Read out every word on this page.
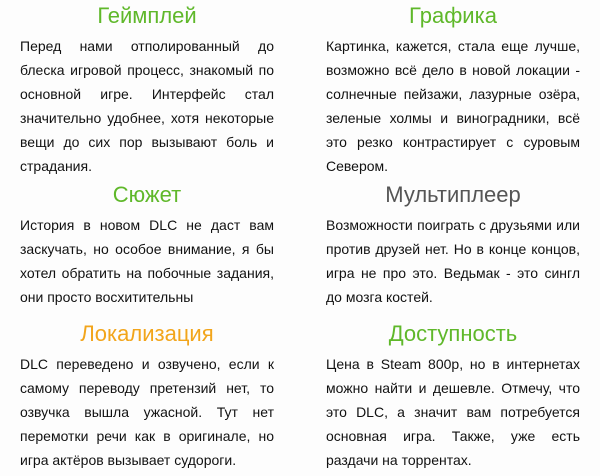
Геймплей

Перед нами отполированный до блеска игровой процесс, знакомый по основной игре. Интерфейс стал значительно удобнее, хотя некоторые вещи до сих пор вызывают боль и страдания.

Сюжет

История в новом DLC не даст вам заскучать, но особое внимание, я бы хотел обратить на побочные задания, они просто восхитительны

Локализация

DLC переведено и озвучено, если к самому переводу претензий нет, то озвучка вышла ужасной. Тут нет перемотки речи как в оригинале, но игра актёров вызывает судороги.

Графика

Картинка, кажется, стала еще лучше, возможно всё дело в новой локации - солнечные пейзажи, лазурные озёра, зеленые холмы и виноградники, всё это резко контрастирует с суровым Севером.

Мультиплеер

Возможности поиграть с друзьями или против друзей нет. Но в конце концов, игра не про это. Ведьмак - это сингл до мозга костей.

Доступность

Цена в Steam 800р, но в интернетах можно найти и дешевле. Отмечу, что это DLC, а значит вам потребуется основная игра. Также, уже есть раздачи на торрентах.
